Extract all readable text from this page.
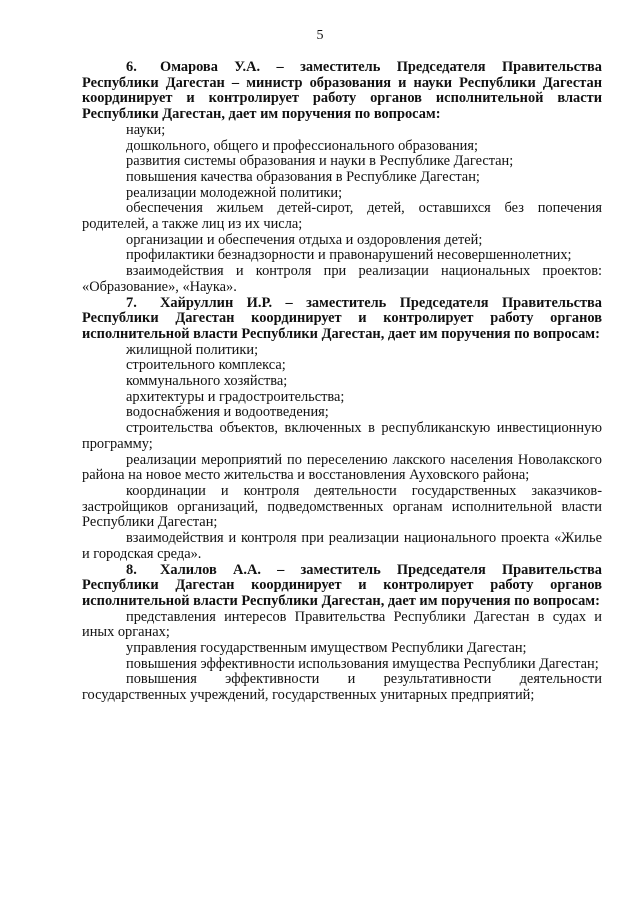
5

6. Омарова У.А. – заместитель Председателя Правительства Республики Дагестан – министр образования и науки Республики Дагестан координирует и контролирует работу органов исполнительной власти Республики Дагестан, дает им поручения по вопросам:

науки;

дошкольного, общего и профессионального образования;

развития системы образования и науки в Республике Дагестан;

повышения качества образования в Республике Дагестан;

реализации молодежной политики;

обеспечения жильем детей-сирот, детей, оставшихся без попечения родителей, а также лиц из их числа;

организации и обеспечения отдыха и оздоровления детей;

профилактики безнадзорности и правонарушений несовершеннолетних;

взаимодействия и контроля при реализации национальных проектов: «Образование», «Наука».

7. Хайруллин И.Р. – заместитель Председателя Правительства Республики Дагестан координирует и контролирует работу органов исполнительной власти Республики Дагестан, дает им поручения по вопросам:

жилищной политики;

строительного комплекса;

коммунального хозяйства;

архитектуры и градостроительства;

водоснабжения и водоотведения;

строительства объектов, включенных в республиканскую инвестиционную программу;

реализации мероприятий по переселению лакского населения Новолакского района на новое место жительства и восстановления Ауховского района;

координации и контроля деятельности государственных заказчиков-застройщиков организаций, подведомственных органам исполнительной власти Республики Дагестан;

взаимодействия и контроля при реализации национального проекта «Жилье и городская среда».

8. Халилов А.А. – заместитель Председателя Правительства Республики Дагестан координирует и контролирует работу органов исполнительной власти Республики Дагестан, дает им поручения по вопросам:

представления интересов Правительства Республики Дагестан в судах и иных органах;

управления государственным имуществом Республики Дагестан;

повышения эффективности использования имущества Республики Дагестан;

повышения эффективности и результативности деятельности государственных учреждений, государственных унитарных предприятий;
